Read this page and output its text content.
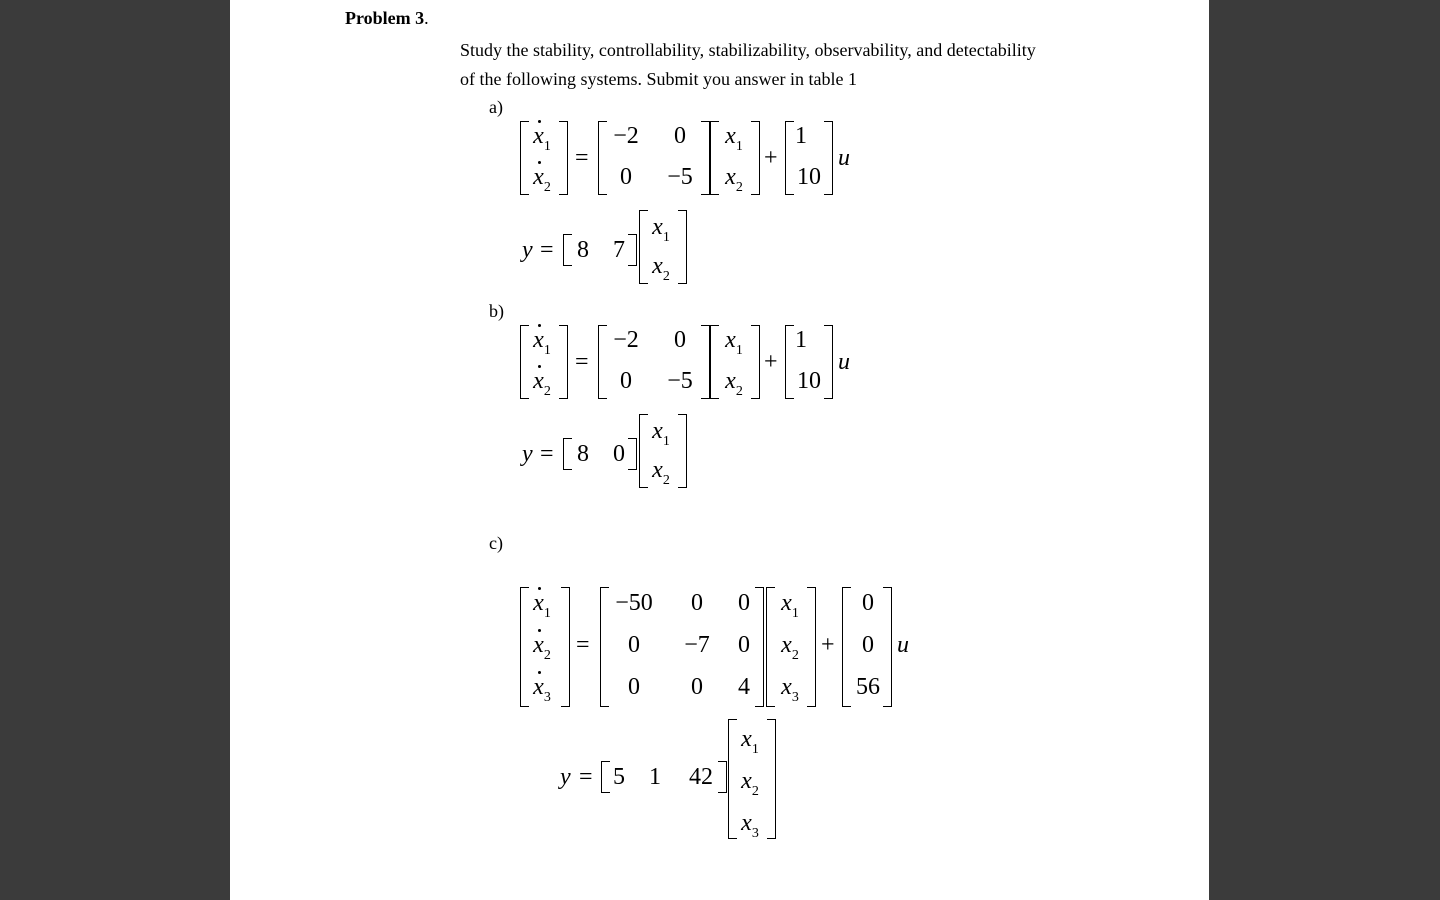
Problem 3.
Study the stability, controllability, stabilizability, observability, and detectability
of the following systems. Submit you answer in table 1
a)
$x_1$
$x_2$
=
−2	0
0	−5
$x_1$
$x_2$
+
1
10
u
y = 8	7
$x_1$
$x_2$
b)
$x_1$
$x_2$
=
−2	0
0	−5
$x_1$
$x_2$
+
1
10
u
y = 8	0
$x_1$
$x_2$
c)
$x_1$
$x_2$
$x_3$
=
−50	0	0
0	−7	0
0	0	4
$x_1$
$x_2$
$x_3$
+
0
0
56
u
y = 5	1	42
$x_1$
$x_2$
$x_3$
